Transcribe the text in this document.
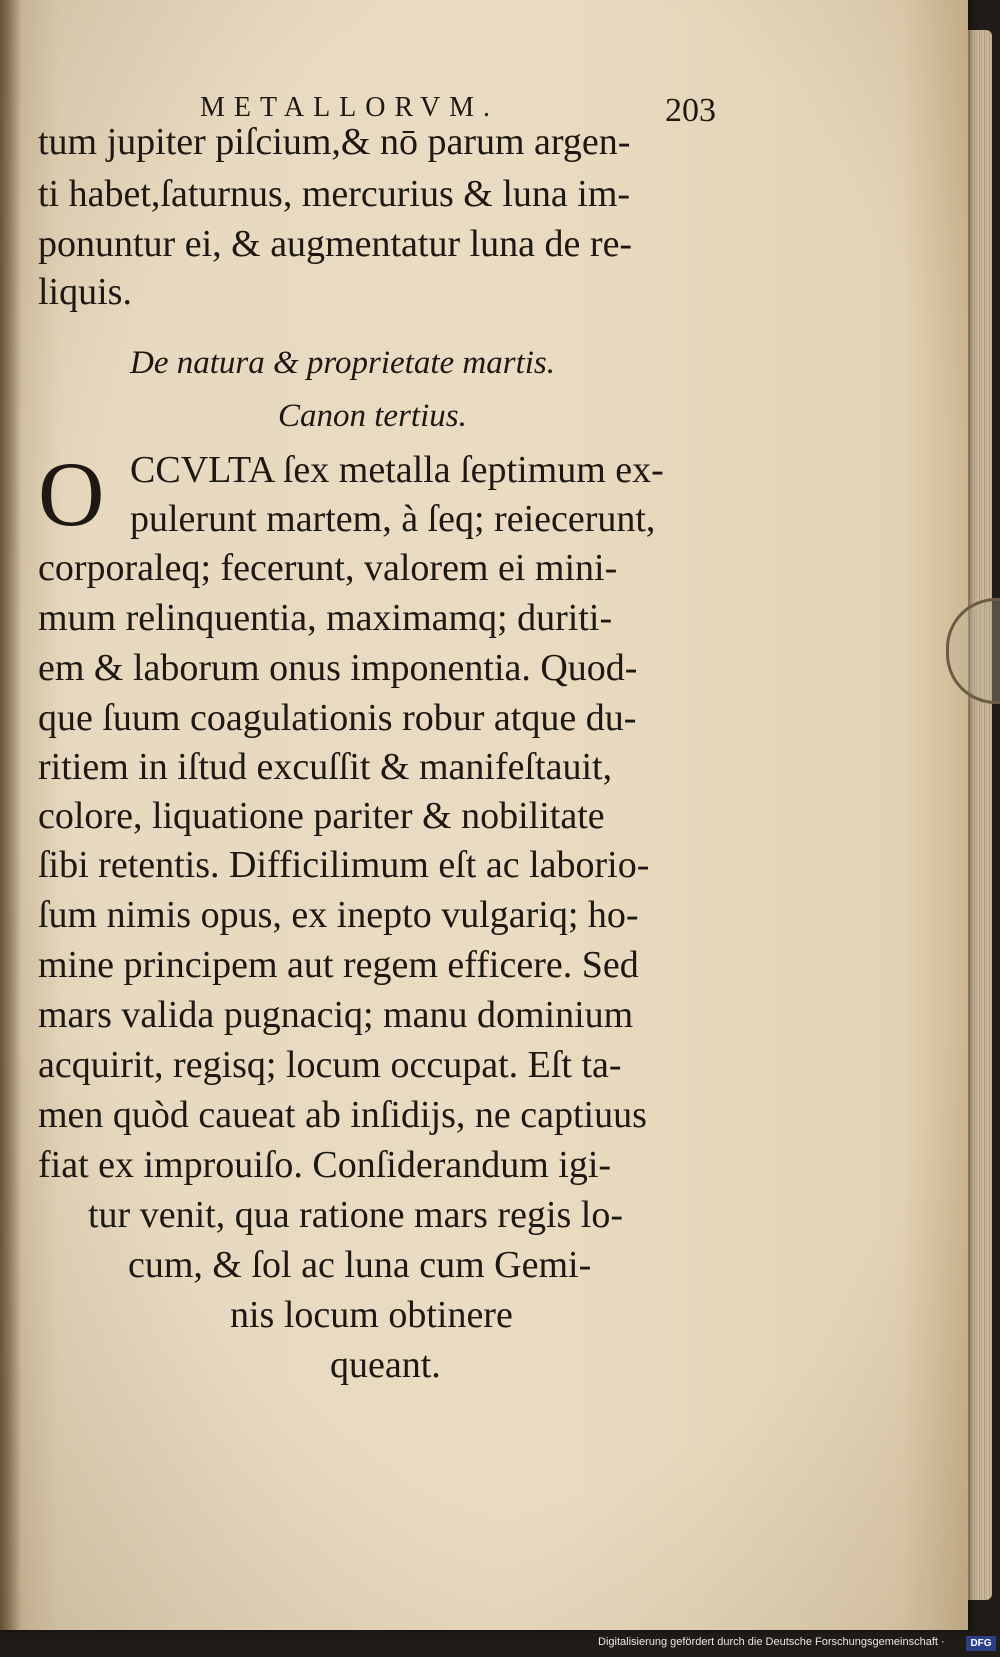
METALLORVM.	203
tum jupiter piſcium,& nō parum argen-
ti habet,ſaturnus, mercurius & luna im-
ponuntur ei, & augmentatur luna de re-
liquis.
De natura & proprietate martis.
Canon tertius.
O CCVLTA ſex metalla ſeptimum ex-
pulerunt martem, à ſeq; reiecerunt,
corporaleq; fecerunt, valorem ei mini-
mum relinquentia, maximamq; duriti-
em & laborum onus imponentia. Quod-
que ſuum coagulationis robur atque du-
ritiem in iſtud excuſſit & manifeſtauit,
colore, liquatione pariter & nobilitate
ſibi retentis. Difficilimum eſt ac laborio-
ſum nimis opus, ex inepto vulgariq; ho-
mine principem aut regem efficere. Sed
mars valida pugnaciq; manu dominium
acquirit, regisq; locum occupat. Eſt ta-
men quòd caueat ab inſidijs, ne captiuus
fiat ex improuiſo. Conſiderandum igi-
tur venit, qua ratione mars regis lo-
cum, & ſol ac luna cum Gemi-
nis locum obtinere
queant.
Digitalisierung gefördert durch die Deutsche Forschungsgemeinschaft ·	DFG
